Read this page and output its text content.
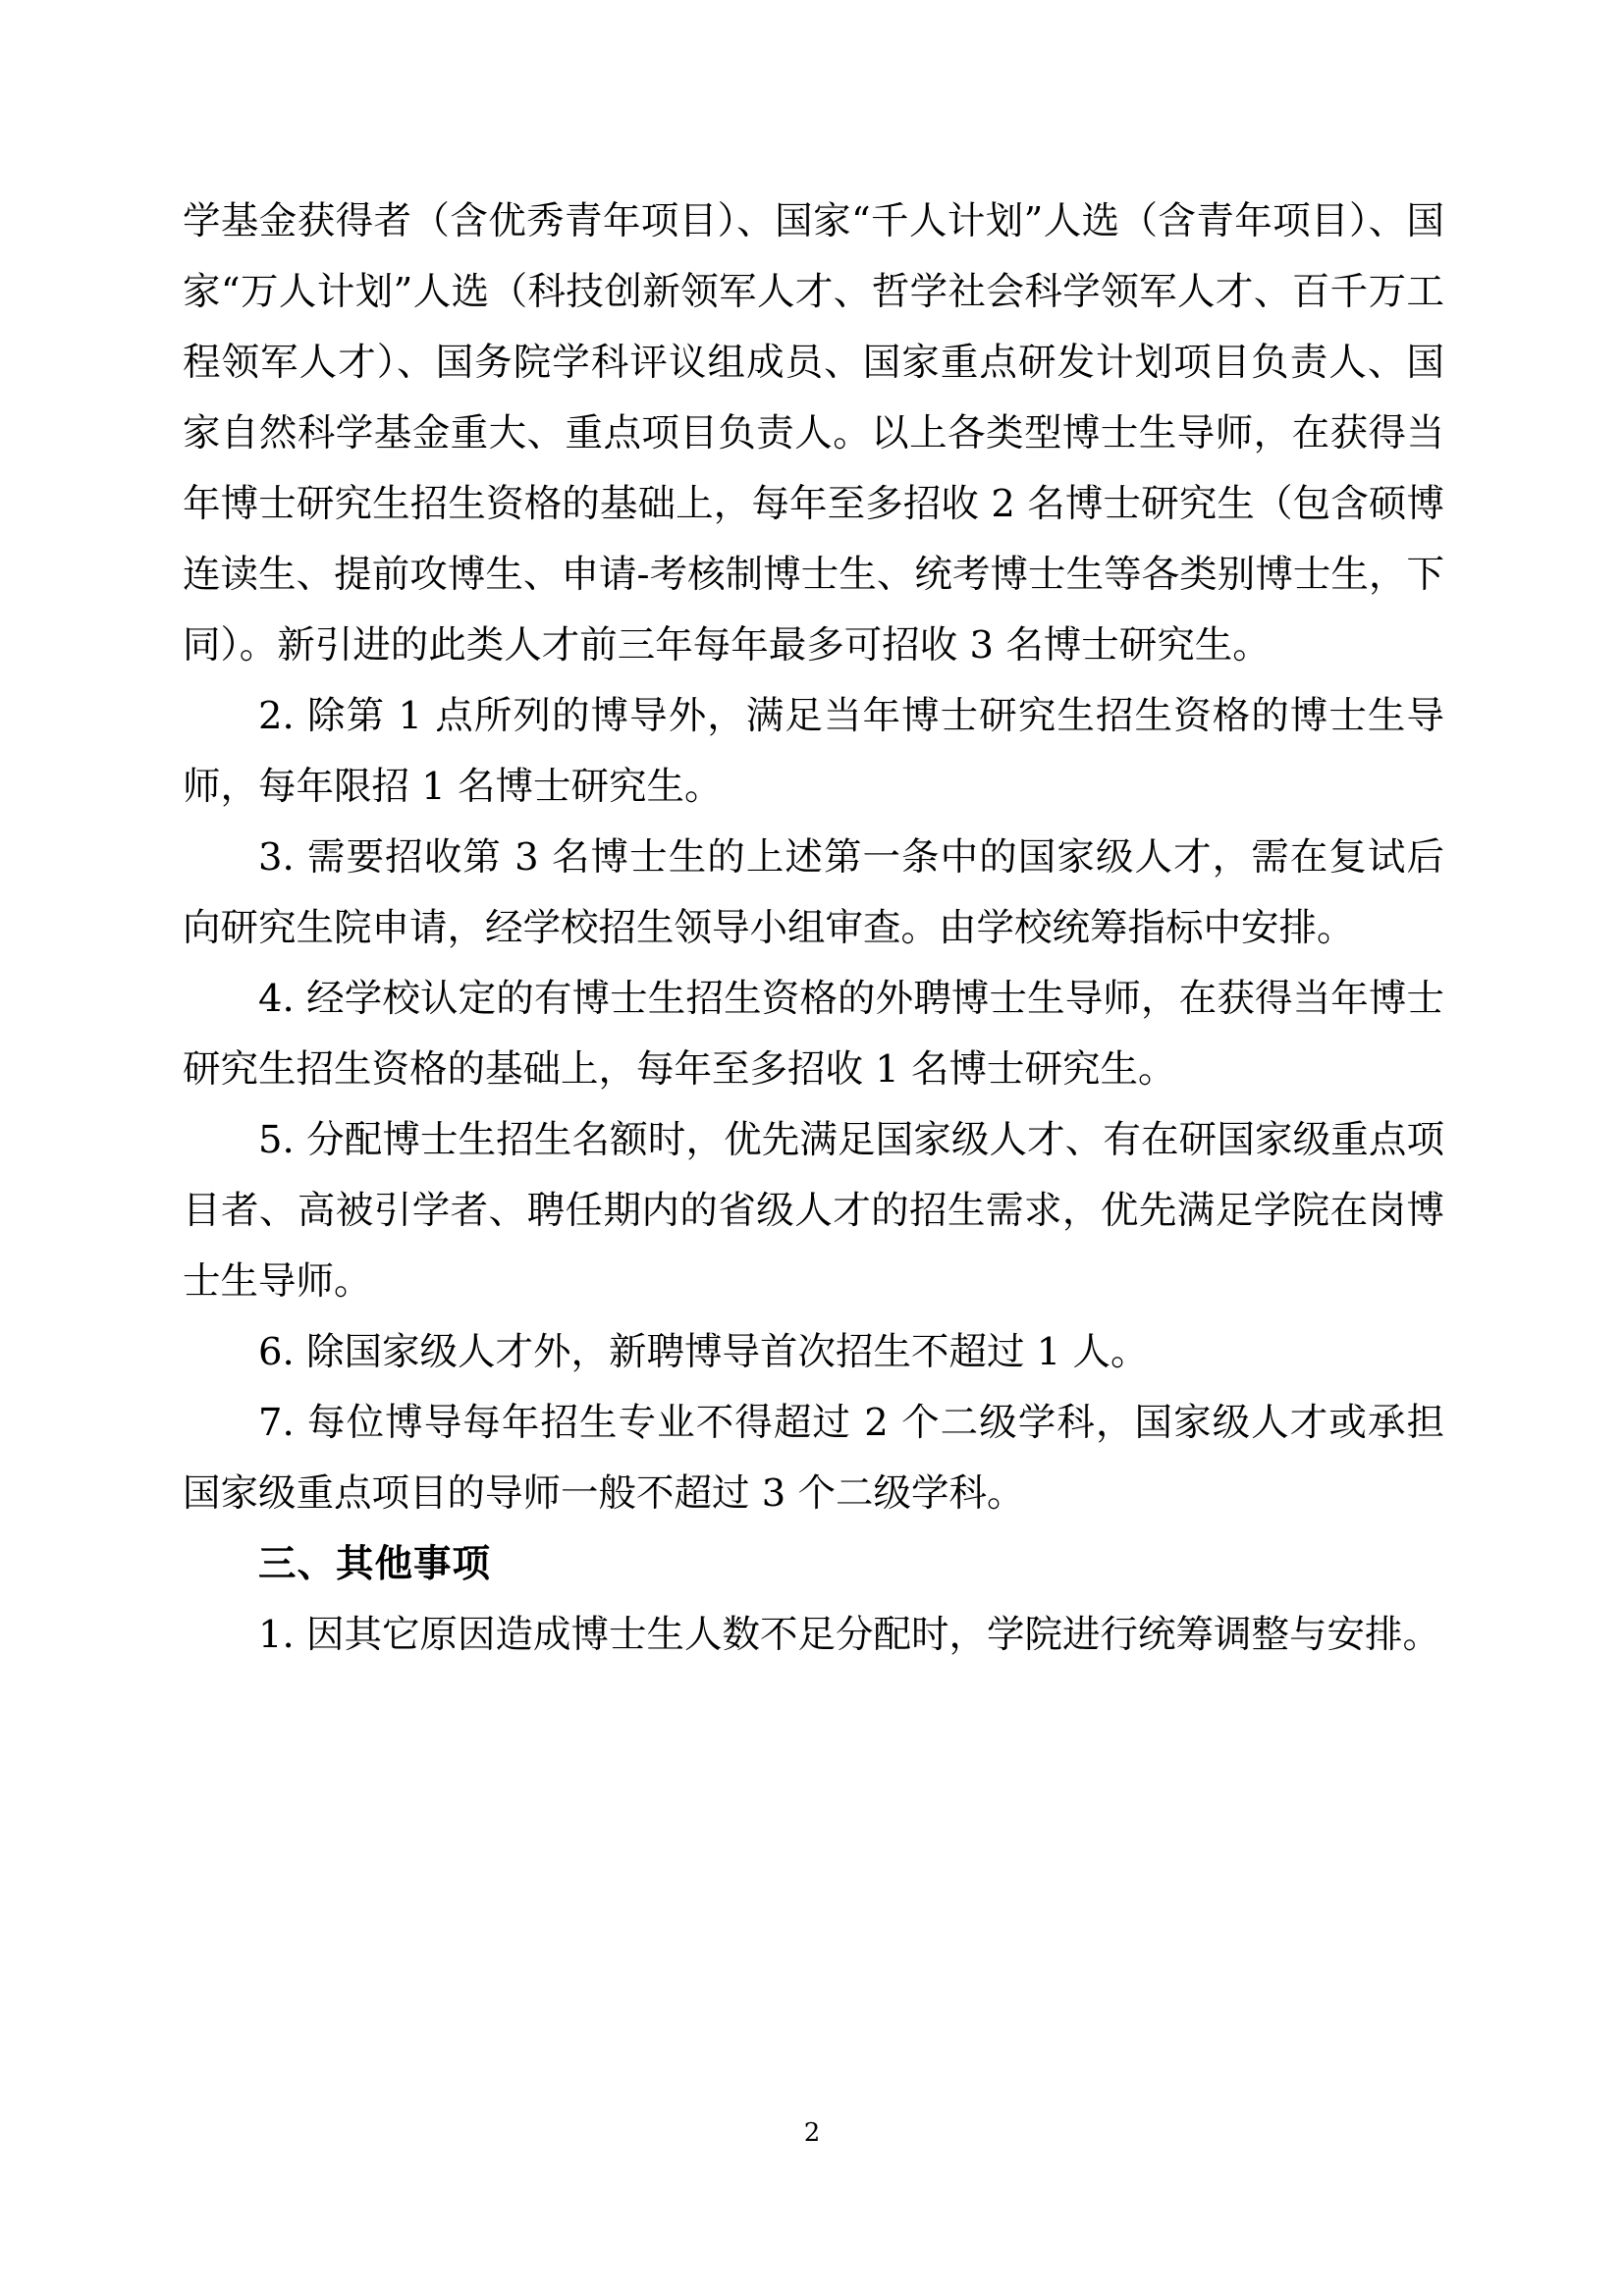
学基金获得者（含优秀青年项目）、国家“千人计划”人选（含青年项目）、国家“万人计划”人选（科技创新领军人才、哲学社会科学领军人才、百千万工程领军人才）、国务院学科评议组成员、国家重点研发计划项目负责人、国家自然科学基金重大、重点项目负责人。以上各类型博士生导师，在获得当年博士研究生招生资格的基础上，每年至多招收 2 名博士研究生（包含硕博连读生、提前攻博生、申请-考核制博士生、统考博士生等各类别博士生，下同）。新引进的此类人才前三年每年最多可招收 3 名博士研究生。

2. 除第 1 点所列的博导外，满足当年博士研究生招生资格的博士生导师，每年限招 1 名博士研究生。

3. 需要招收第 3 名博士生的上述第一条中的国家级人才，需在复试后向研究生院申请，经学校招生领导小组审查。由学校统筹指标中安排。

4. 经学校认定的有博士生招生资格的外聘博士生导师，在获得当年博士研究生招生资格的基础上，每年至多招收 1 名博士研究生。

5. 分配博士生招生名额时，优先满足国家级人才、有在研国家级重点项目者、高被引学者、聘任期内的省级人才的招生需求，优先满足学院在岗博士生导师。

6. 除国家级人才外，新聘博导首次招生不超过 1 人。

7. 每位博导每年招生专业不得超过 2 个二级学科，国家级人才或承担国家级重点项目的导师一般不超过 3 个二级学科。

三、其他事项

1. 因其它原因造成博士生人数不足分配时，学院进行统筹调整与安排。

2
